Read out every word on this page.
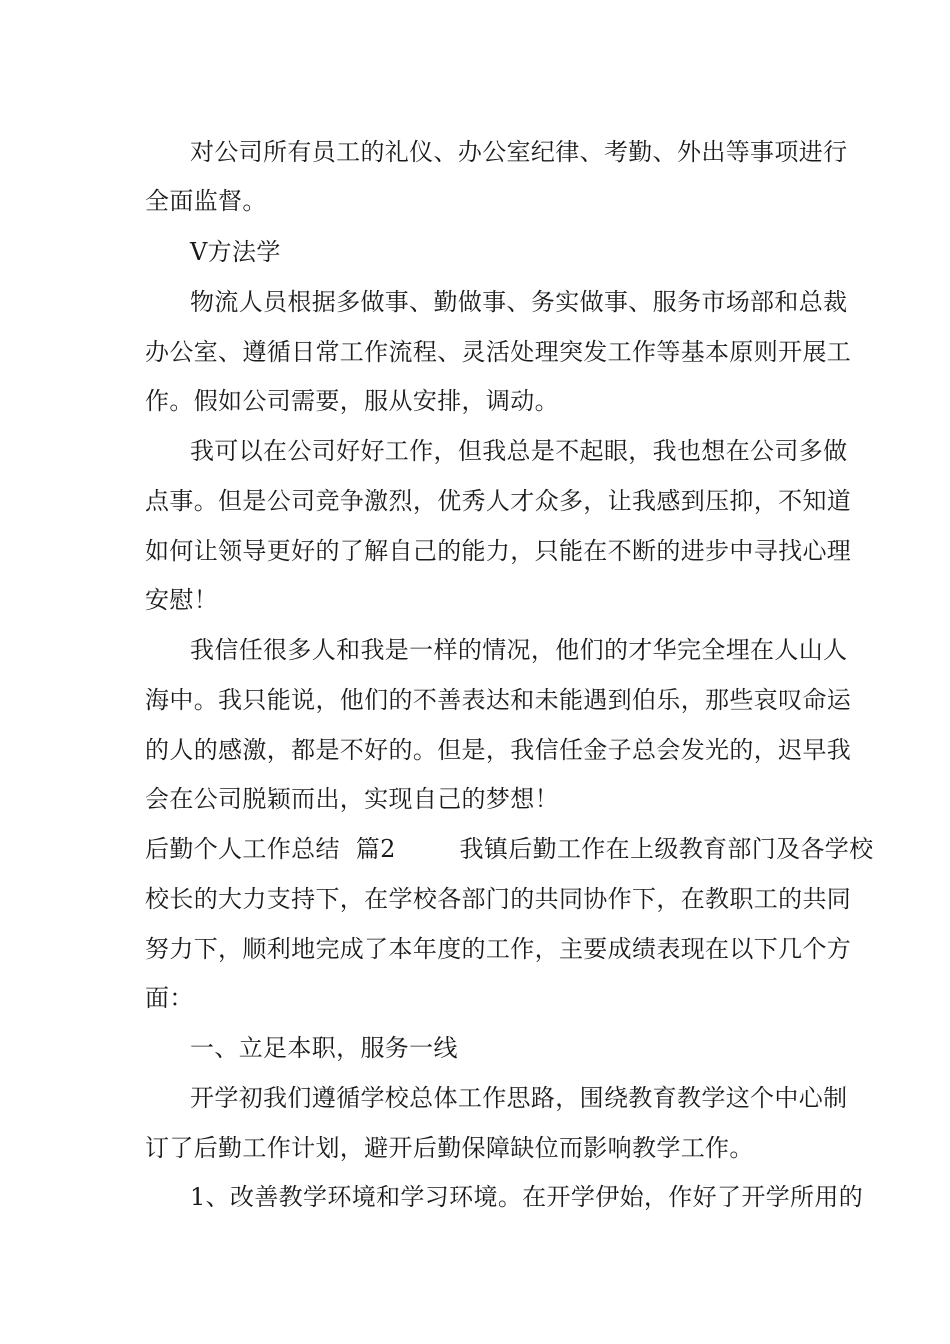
对公司所有员工的礼仪、办公室纪律、考勤、外出等事项进行
全面监督。
V方法学
物流人员根据多做事、勤做事、务实做事、服务市场部和总裁
办公室、遵循日常工作流程、灵活处理突发工作等基本原则开展工
作。假如公司需要，服从安排，调动。
我可以在公司好好工作，但我总是不起眼，我也想在公司多做
点事。但是公司竞争激烈，优秀人才众多，让我感到压抑，不知道
如何让领导更好的了解自己的能力，只能在不断的进步中寻找心理
安慰！
我信任很多人和我是一样的情况，他们的才华完全埋在人山人
海中。我只能说，他们的不善表达和未能遇到伯乐，那些哀叹命运
的人的感激，都是不好的。但是，我信任金子总会发光的，迟早我
会在公司脱颖而出，实现自己的梦想！
后勤个人工作总结  篇2        我镇后勤工作在上级教育部门及各学校
校长的大力支持下，在学校各部门的共同协作下，在教职工的共同
努力下，顺利地完成了本年度的工作，主要成绩表现在以下几个方
面：
一、立足本职，服务一线
开学初我们遵循学校总体工作思路，围绕教育教学这个中心制
订了后勤工作计划，避开后勤保障缺位而影响教学工作。
1、改善教学环境和学习环境。在开学伊始，作好了开学所用的
